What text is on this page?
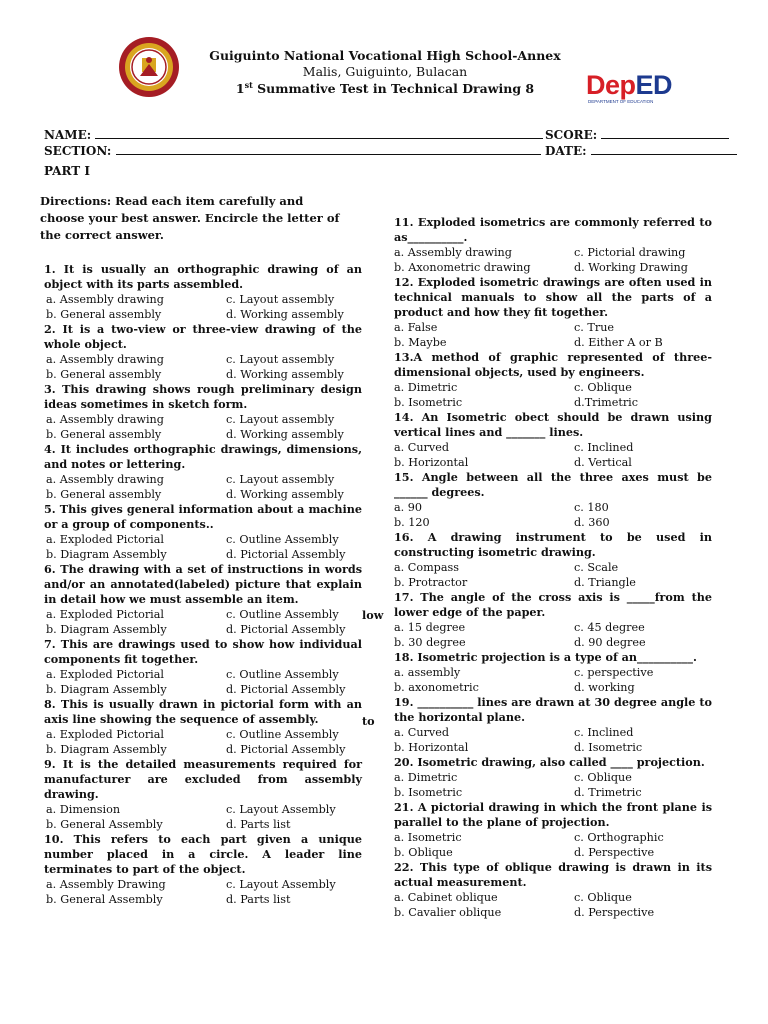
Guiguinto National Vocational High School-Annex
Malis, Guiguinto, Bulacan
1st Summative Test in Technical Drawing 8	DepED
DEPARTMENT OF EDUCATION
NAME:	SCORE:
SECTION:	DATE:
PART I
Directions: Read each item carefully and choose your best answer. Encircle the letter of the correct answer.
1. It is usually an orthographic drawing of an object with its parts assembled.
a. Assembly drawing	c. Layout assembly
b. General assembly	d. Working assembly
2. It is a two-view or three-view drawing of the whole object.
a. Assembly drawing	c. Layout assembly
b. General assembly	d. Working assembly
3. This drawing shows rough preliminary design ideas sometimes in sketch form.
a. Assembly drawing	c. Layout assembly
b. General assembly	d. Working assembly
4. It includes orthographic drawings, dimensions, and notes or lettering.
a. Assembly drawing	c. Layout assembly
b. General assembly	d. Working assembly
5. This gives general information about a machine or a group of components..
a. Exploded Pictorial	c. Outline Assembly
b. Diagram Assembly	d. Pictorial Assembly
6. The drawing with a set of instructions in words and/or an annotated(labeled) picture that explain in detail how we must assemble an item.
a. Exploded Pictorial	c. Outline Assembly
b. Diagram Assembly	d. Pictorial Assembly
7. This are drawings used to show how individual components fit together.
a. Exploded Pictorial	c. Outline Assembly
b. Diagram Assembly	d. Pictorial Assembly
8. This is usually drawn in pictorial form with an axis line showing the sequence of assembly.
a. Exploded Pictorial	c. Outline Assembly
b. Diagram Assembly	d. Pictorial Assembly
9. It is the detailed measurements required for manufacturer are excluded from assembly drawing.
a. Dimension	c. Layout Assembly
b. General Assembly	d. Parts list
10. This refers to each part given a unique number placed in a circle. A leader line terminates to part of the object.
a. Assembly Drawing	c. Layout Assembly
b. General Assembly	d. Parts list
11. Exploded isometrics are commonly referred to as__________.
a. Assembly drawing	c. Pictorial drawing
b. Axonometric drawing	d. Working Drawing
12. Exploded isometric drawings are often used in technical manuals to show all the parts of a product and how they fit together.
a. False	c. True
b. Maybe	d. Either A or B
13.A method of graphic represented of three-dimensional objects, used by engineers.
a. Dimetric	c. Oblique
b. Isometric	d.Trimetric
14. An Isometric obect should be drawn using vertical lines and _______ lines.
a. Curved	c. Inclined
b. Horizontal	d. Vertical
15. Angle between all the three axes must be ______ degrees.
a. 90	c. 180
b. 120	d. 360
16. A drawing instrument to be used in constructing isometric drawing.
a. Compass	c. Scale
b. Protractor	d. Triangle
17. The angle of the cross axis is _____from the lower edge of the paper.
a. 15 degree	c. 45 degree
b. 30 degree	d. 90 degree
18. Isometric projection is a type of an__________.
a. assembly	c. perspective
b. axonometric	d. working
19. __________ lines are drawn at 30 degree angle to the horizontal plane.
a. Curved	c. Inclined
b. Horizontal	d. Isometric
20. Isometric drawing, also called ____ projection.
a. Dimetric	c. Oblique
b. Isometric	d. Trimetric
21. A pictorial drawing in which the front plane is parallel to the plane of projection.
a. Isometric	c. Orthographic
b. Oblique	d. Perspective
22. This type of oblique drawing is drawn in its actual measurement.
a. Cabinet oblique	c. Oblique
b. Cavalier oblique	d. Perspective
low
to
